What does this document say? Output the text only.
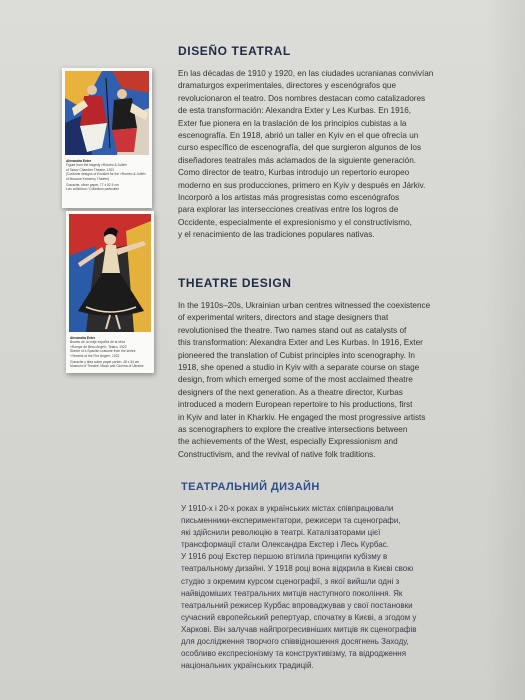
Alexandra Exter
Figure from the tragedy «Romeo & Juliet»
of Tairov Chamber Theatre, 1921
(Costume designs of Exoskirt for the «Romeo & Juliet»
of Moscow Kamerny Theater)
Gouache, silver paper, 77 x 52.5 cm
Lviv collection / Collection particulier
Alexandra Exter
Boceto de un traje español de la obra
«Rompe de Beso Angel», Teatro, 1922
Sketch of a Spanish costume from the series
«Yemmis of the Fire Angel», 1922
Gouache y tinta sobre papel cartón, 48 x 34 cm
Museum of Theatre, Music and Cinema of Ukraine
DISEÑO TEATRAL

En las décadas de 1910 y 1920, en las ciudades ucranianas convivían
dramaturgos experimentales, directores y escenógrafos que
revolucionaron el teatro. Dos nombres destacan como catalizadores
de esta transformación: Alexandra Exter y Les Kurbas. En 1916,
Exter fue pionera en la traslación de los principios cubistas a la
escenografía. En 1918, abrió un taller en Kyiv en el que ofrecía un
curso específico de escenografía, del que surgieron algunos de los
diseñadores teatrales más aclamados de la siguiente generación.
Como director de teatro, Kurbas introdujo un repertorio europeo
moderno en sus producciones, primero en Kyiv y después en Járkiv.
Incorporó a los artistas más progresistas como escenógrafos
para explorar las intersecciones creativas entre los logros de
Occidente, especialmente el expresionismo y el constructivismo,
y el renacimiento de las tradiciones populares nativas.

THEATRE DESIGN

In the 1910s–20s, Ukrainian urban centres witnessed the coexistence
of experimental writers, directors and stage designers that
revolutionised the theatre. Two names stand out as catalysts of
this transformation: Alexandra Exter and Les Kurbas. In 1916, Exter
pioneered the translation of Cubist principles into scenography. In
1918, she opened a studio in Kyiv with a separate course on stage
design, from which emerged some of the most acclaimed theatre
designers of the next generation. As a theatre director, Kurbas
introduced a modern European repertoire to his productions, first
in Kyiv and later in Kharkiv. He engaged the most progressive artists
as scenographers to explore the creative intersections between
the achievements of the West, especially Expressionism and
Constructivism, and the revival of native folk traditions.

ТЕАТРАЛЬНИЙ ДИЗАЙН

У 1910-х і 20-х роках в українських містах співпрацювали
письменники-експериментатори, режисери та сценографи,
які здійснили революцію в театрі. Каталізаторами цієї
трансформації стали Олександра Екстер і Лесь Курбас.
У 1916 році Екстер першою втілила принципи кубізму в
театральному дизайні. У 1918 році вона відкрила в Києві свою
студію з окремим курсом сценографії, з якої вийшли одні з
найвідоміших театральних митців наступного покоління. Як
театральний режисер Курбас впроваджував у свої постановки
сучасний європейський репертуар, спочатку в Києві, а згодом у
Харкові. Він залучав найпрогресивніших митців як сценографів
для дослідження творчого співвідношення досягнень Заходу,
особливо експресіонізму та конструктивізму, та відродження
національних українських традицій.
